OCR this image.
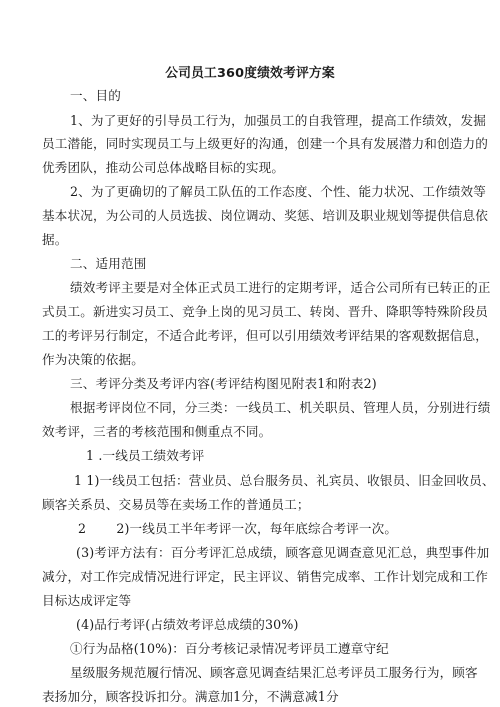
公司员工360度绩效考评方案
一、目的
1、为了更好的引导员工行为，加强员工的自我管理，提高工作绩效，发掘
员工潜能，同时实现员工与上级更好的沟通，创建一个具有发展潜力和创造力的
优秀团队，推动公司总体战略目标的实现。
2、为了更确切的了解员工队伍的工作态度、个性、能力状况、工作绩效等
基本状况，为公司的人员选拔、岗位调动、奖惩、培训及职业规划等提供信息依
据。
二、适用范围
绩效考评主要是对全体正式员工进行的定期考评，适合公司所有已转正的正
式员工。新进实习员工、竞争上岗的见习员工、转岗、晋升、降职等特殊阶段员
工的考评另行制定，不适合此考评，但可以引用绩效考评结果的客观数据信息，
作为决策的依据。
三、考评分类及考评内容(考评结构图见附表1和附表2)
根据考评岗位不同，分三类：一线员工、机关职员、管理人员，分别进行绩
效考评，三者的考核范围和侧重点不同。
1 .一线员工绩效考评
1 1)一线员工包括：营业员、总台服务员、礼宾员、收银员、旧金回收员、
顾客关系员、交易员等在卖场工作的普通员工；
2 2)一线员工半年考评一次，每年底综合考评一次。
(3)考评方法有：百分考评汇总成绩，顾客意见调查意见汇总，典型事件加
减分，对工作完成情况进行评定，民主评议、销售完成率、工作计划完成和工作
目标达成评定等
(4)品行考评(占绩效考评总成绩的30%)
①行为品格(10%)：百分考核记录情况考评员工遵章守纪
星级服务规范履行情况、顾客意见调查结果汇总考评员工服务行为，顾客
表扬加分，顾客投诉扣分。满意加1分，不满意减1分
